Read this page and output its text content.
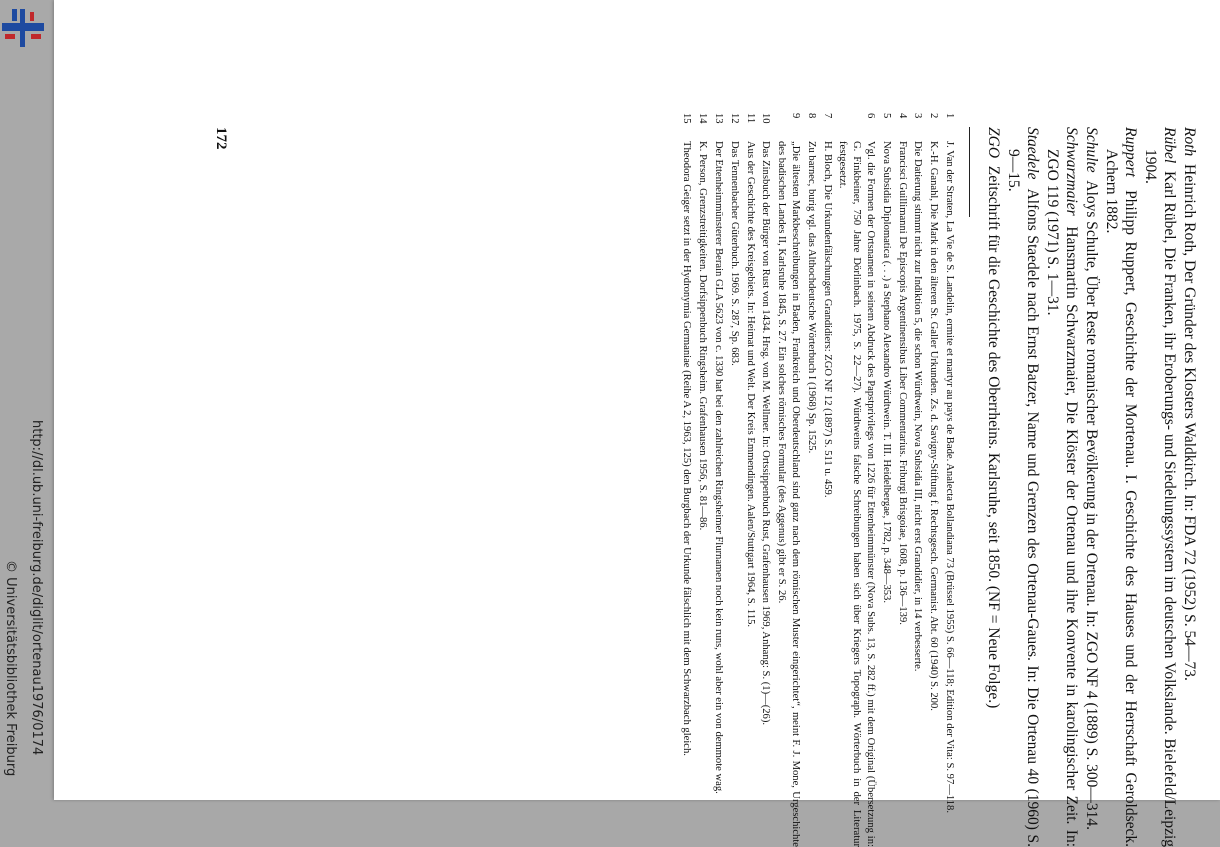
http://dl.ub.uni-freiburg.de/diglit/ortenau1976/0174
© Universitätsbibliothek Freiburg

Roth  Heinrich Roth, Der Gründer des Klosters Waldkirch. In: FDA 72 (1952) S. 54—73.

Rübel  Karl Rübel, Die Franken, ihr Eroberungs- und Siedelungssystem im deutschen Volkslande. Bielefeld/Leipzig 1904.

Ruppert  Philipp Ruppert, Geschichte der Mortenau. I. Geschichte des Hauses und der Herrschaft Geroldseck. Achern 1882.

Schulte  Aloys Schulte, Über Reste romanischer Bevölkerung in der Ortenau. In: ZGO NF 4 (1889) S. 300—314.

Schwarzmaier  Hansmartin Schwarzmaier, Die Klöster der Ortenau und ihre Konvente in karolingischer Zeit. In: ZGO 119 (1971) S. 1—31.

Staedele  Alfons Staedele nach Ernst Batzer, Name und Grenzen des Ortenau-Gaues. In: Die Ortenau 40 (1960) S. 9—15.

ZGO  Zeitschrift für die Geschichte des Oberrheins. Karlsruhe, seit 1850. (NF = Neue Folge.)

1J. Van der Straten, La Vie de S. Landelin, ermite et martyr au pays de Bade. Analecta Bollandiana 73 (Brüssel 1955) S. 66—118; Edition der Vita: S. 97—118.

2K.-H. Ganahl, Die Mark in den älteren St. Galler Urkunden. Zs. d. Savigny-Stiftung f. Rechtsgesch. Germanist. Abt. 60 (1940) S. 200.

3Die Datierung stimmt nicht zur Indiktion 5, die schon Würdtwein, Nova Subsidia III, nicht erst Grandidier, in 14 verbesserte.

4Francisci Guillimanni De Episcopis Argentinensibus Liber Commentarius. Friburgi Brisgoiae, 1608, p. 136—139.

5Nova Subsidia Diplomatica (. . .) a Stephano Alexandro Würdtwein. T. III. Heidelbergae, 1782, p. 348—353.

6Vgl. die Formen der Ortsnamen in seinem Abdruck des Papstprivilegs von 1226 für Ettenheimmünster (Nova Subs. 13, S. 282 ff.) mit dem Original (Übersetzung in: G. Finkbeiner, 750 Jahre Dörlinbach. 1975, S. 22—27). Würdtweins falsche Schreibungen haben sich über Kriegers Topograph. Wörterbuch in der Literatur festgesetzt.

7H. Bloch, Die Urkundenfälschungen Grandidiers: ZGO NF 12 (1897) S. 511 u. 459.

8Zu barnec, burig vgl. das Althochdeutsche Wörterbuch I (1968) Sp. 1525.

9„Die ältesten Markbeschreibungen in Baden, Frankreich und Oberdeutschland sind ganz nach dem römischen Muster eingerichtet“, meint F. J. Mone, Urgeschichte des badischen Landes II, Karlsruhe 1845, S. 27. Ein solches römisches Formular (des Aggenus) gibt er S. 26.

10Das Zinsbuch der Bürger von Rust von 1434. Hrsg. von M. Wellmer. In: Ortssippenbuch Rust, Grafenhausen 1969, Anhang: S. (1)—(26).

11Aus der Geschichte des Kreisgebiets. In: Heimat und Welt. Der Kreis Emmendingen. Aalen/Stuttgart 1964, S. 115.

12Das Tennenbacher Güterbuch. 1969. S. 287, Sp. 683.

13Der Ettenheimmünsterer Berain GLA 5623 von c. 1330 hat bei den zahlreichen Ringsheimer Flurnamen noch kein runs, wohl aber ein von demmote wag.

14K. Person, Grenzstreitigkeiten. Dorfsippenbuch Ringsheim. Grafenhausen 1956, S. 81—86.

15Theodora Geiger setzt in der Hydronymia Germaniae (Reihe A 2, 1963, 125) den Burgbach der Urkunde fälschlich mit dem Schwarzbach gleich.

172
